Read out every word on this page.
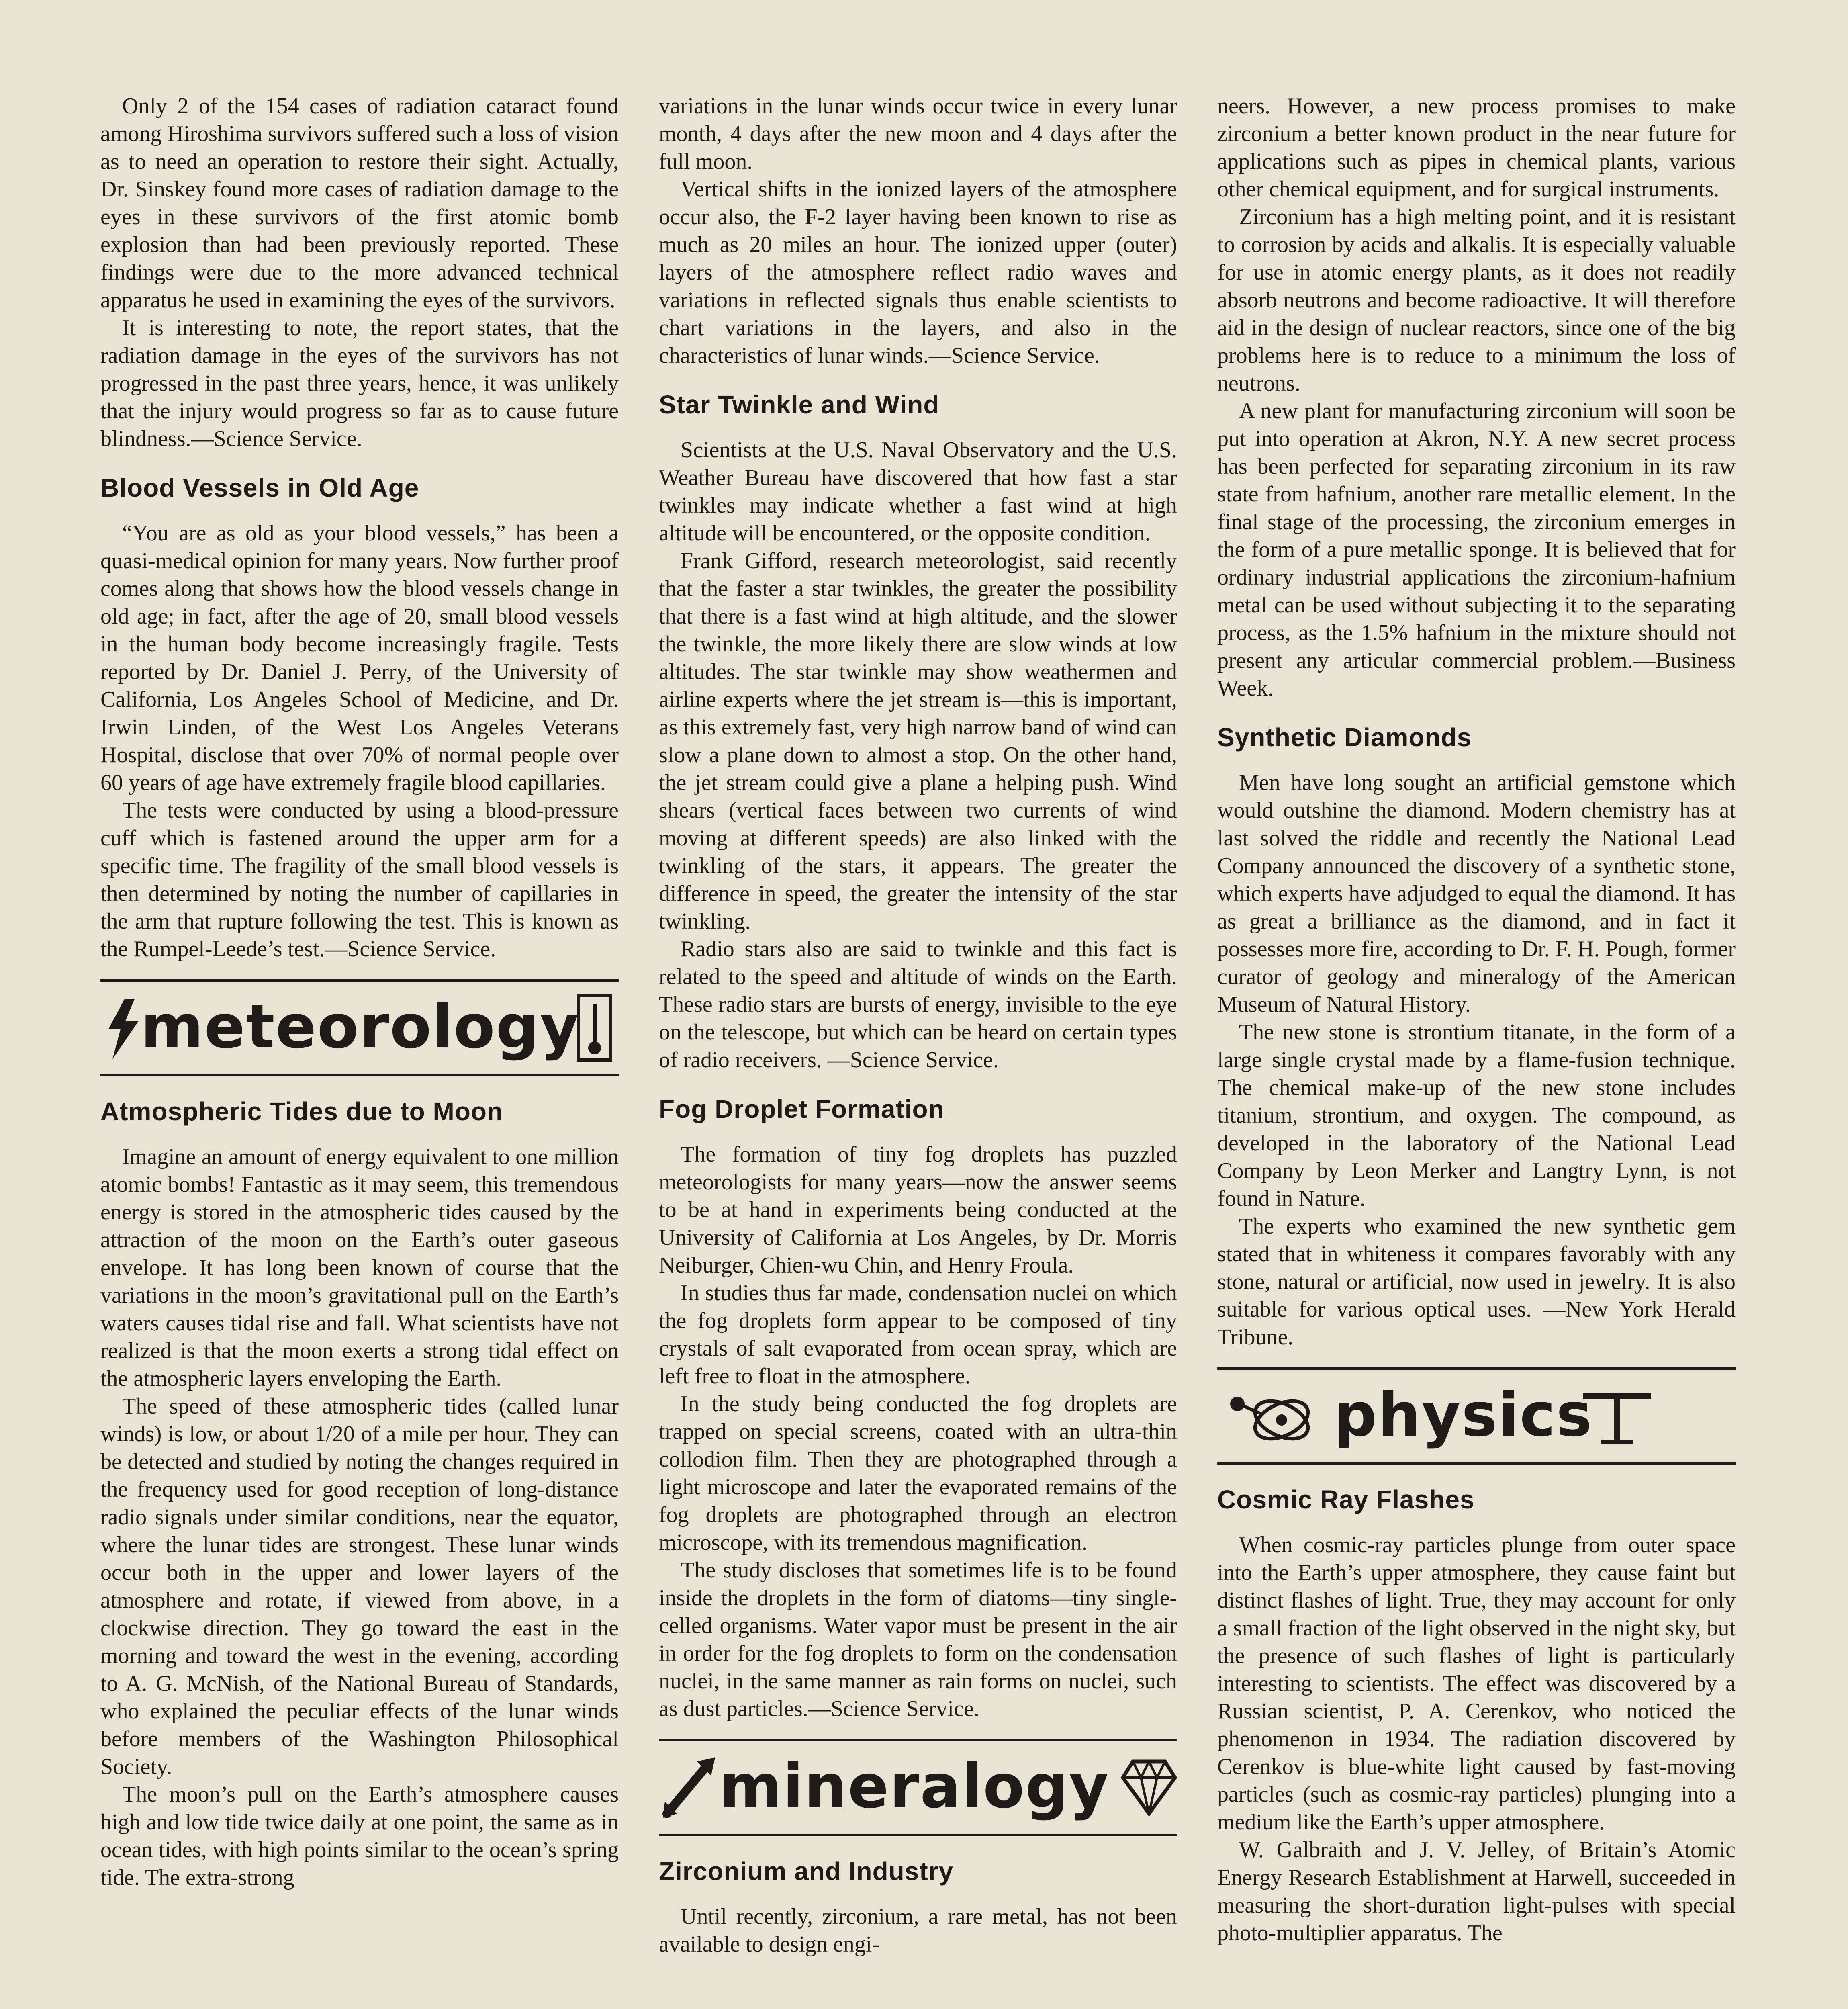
Only 2 of the 154 cases of radiation cataract found among Hiroshima survivors suffered such a loss of vision as to need an operation to restore their sight. Actually, Dr. Sinskey found more cases of radiation damage to the eyes in these survivors of the first atomic bomb explosion than had been previously reported. These findings were due to the more advanced technical apparatus he used in examining the eyes of the survivors.

It is interesting to note, the report states, that the radiation damage in the eyes of the survivors has not progressed in the past three years, hence, it was unlikely that the injury would progress so far as to cause future blindness.—Science Service.

Blood Vessels in Old Age

“You are as old as your blood vessels,” has been a quasi-medical opinion for many years. Now further proof comes along that shows how the blood vessels change in old age; in fact, after the age of 20, small blood vessels in the human body become increasingly fragile. Tests reported by Dr. Daniel J. Perry, of the University of California, Los Angeles School of Medicine, and Dr. Irwin Linden, of the West Los Angeles Veterans Hospital, disclose that over 70% of normal people over 60 years of age have extremely fragile blood capillaries.

The tests were conducted by using a blood-pressure cuff which is fastened around the upper arm for a specific time. The fragility of the small blood vessels is then determined by noting the number of capillaries in the arm that rupture following the test. This is known as the Rumpel-Leede’s test.—Science Service.

meteorology
Atmospheric Tides due to Moon

Imagine an amount of energy equivalent to one million atomic bombs! Fantastic as it may seem, this tremendous energy is stored in the atmospheric tides caused by the attraction of the moon on the Earth’s outer gaseous envelope. It has long been known of course that the variations in the moon’s gravitational pull on the Earth’s waters causes tidal rise and fall. What scientists have not realized is that the moon exerts a strong tidal effect on the atmospheric layers enveloping the Earth.

The speed of these atmospheric tides (called lunar winds) is low, or about 1/20 of a mile per hour. They can be detected and studied by noting the changes required in the frequency used for good reception of long-distance radio signals under similar conditions, near the equator, where the lunar tides are strongest. These lunar winds occur both in the upper and lower layers of the atmosphere and rotate, if viewed from above, in a clockwise direction. They go toward the east in the morning and toward the west in the evening, according to A. G. McNish, of the National Bureau of Standards, who explained the peculiar effects of the lunar winds before members of the Washington Philosophical Society.

The moon’s pull on the Earth’s atmosphere causes high and low tide twice daily at one point, the same as in ocean tides, with high points similar to the ocean’s spring tide. The extra-strong

variations in the lunar winds occur twice in every lunar month, 4 days after the new moon and 4 days after the full moon.

Vertical shifts in the ionized layers of the atmosphere occur also, the F-2 layer having been known to rise as much as 20 miles an hour. The ionized upper (outer) layers of the atmosphere reflect radio waves and variations in reflected signals thus enable scientists to chart variations in the layers, and also in the characteristics of lunar winds.—Science Service.

Star Twinkle and Wind

Scientists at the U.S. Naval Observatory and the U.S. Weather Bureau have discovered that how fast a star twinkles may indicate whether a fast wind at high altitude will be encountered, or the opposite condition.

Frank Gifford, research meteorologist, said recently that the faster a star twinkles, the greater the possibility that there is a fast wind at high altitude, and the slower the twinkle, the more likely there are slow winds at low altitudes. The star twinkle may show weathermen and airline experts where the jet stream is—this is important, as this extremely fast, very high narrow band of wind can slow a plane down to almost a stop. On the other hand, the jet stream could give a plane a helping push. Wind shears (vertical faces between two currents of wind moving at different speeds) are also linked with the twinkling of the stars, it appears. The greater the difference in speed, the greater the intensity of the star twinkling.

Radio stars also are said to twinkle and this fact is related to the speed and altitude of winds on the Earth. These radio stars are bursts of energy, invisible to the eye on the telescope, but which can be heard on certain types of radio receivers. —Science Service.

Fog Droplet Formation

The formation of tiny fog droplets has puzzled meteorologists for many years—now the answer seems to be at hand in experiments being conducted at the University of California at Los Angeles, by Dr. Morris Neiburger, Chien-wu Chin, and Henry Froula.

In studies thus far made, condensation nuclei on which the fog droplets form appear to be composed of tiny crystals of salt evaporated from ocean spray, which are left free to float in the atmosphere.

In the study being conducted the fog droplets are trapped on special screens, coated with an ultra-thin collodion film. Then they are photographed through a light microscope and later the evaporated remains of the fog droplets are photographed through an electron microscope, with its tremendous magnification.

The study discloses that sometimes life is to be found inside the droplets in the form of diatoms—tiny single-celled organisms. Water vapor must be present in the air in order for the fog droplets to form on the condensation nuclei, in the same manner as rain forms on nuclei, such as dust particles.—Science Service.

mineralogy
Zirconium and Industry

Until recently, zirconium, a rare metal, has not been available to design engi-

neers. However, a new process promises to make zirconium a better known product in the near future for applications such as pipes in chemical plants, various other chemical equipment, and for surgical instruments.

Zirconium has a high melting point, and it is resistant to corrosion by acids and alkalis. It is especially valuable for use in atomic energy plants, as it does not readily absorb neutrons and become radioactive. It will therefore aid in the design of nuclear reactors, since one of the big problems here is to reduce to a minimum the loss of neutrons.

A new plant for manufacturing zirconium will soon be put into operation at Akron, N.Y. A new secret process has been perfected for separating zirconium in its raw state from hafnium, another rare metallic element. In the final stage of the processing, the zirconium emerges in the form of a pure metallic sponge. It is believed that for ordinary industrial applications the zirconium-hafnium metal can be used without subjecting it to the separating process, as the 1.5% hafnium in the mixture should not present any articular commercial problem.—Business Week.

Synthetic Diamonds

Men have long sought an artificial gemstone which would outshine the diamond. Modern chemistry has at last solved the riddle and recently the National Lead Company announced the discovery of a synthetic stone, which experts have adjudged to equal the diamond. It has as great a brilliance as the diamond, and in fact it possesses more fire, according to Dr. F. H. Pough, former curator of geology and mineralogy of the American Museum of Natural History.

The new stone is strontium titanate, in the form of a large single crystal made by a flame-fusion technique. The chemical make-up of the new stone includes titanium, strontium, and oxygen. The compound, as developed in the laboratory of the National Lead Company by Leon Merker and Langtry Lynn, is not found in Nature.

The experts who examined the new synthetic gem stated that in whiteness it compares favorably with any stone, natural or artificial, now used in jewelry. It is also suitable for various optical uses. —New York Herald Tribune.

physics
Cosmic Ray Flashes

When cosmic-ray particles plunge from outer space into the Earth’s upper atmosphere, they cause faint but distinct flashes of light. True, they may account for only a small fraction of the light observed in the night sky, but the presence of such flashes of light is particularly interesting to scientists. The effect was discovered by a Russian scientist, P. A. Cerenkov, who noticed the phenomenon in 1934. The radiation discovered by Cerenkov is blue-white light caused by fast-moving particles (such as cosmic-ray particles) plunging into a medium like the Earth’s upper atmosphere.

W. Galbraith and J. V. Jelley, of Britain’s Atomic Energy Research Establishment at Harwell, succeeded in measuring the short-duration light-pulses with special photo-multiplier apparatus. The
